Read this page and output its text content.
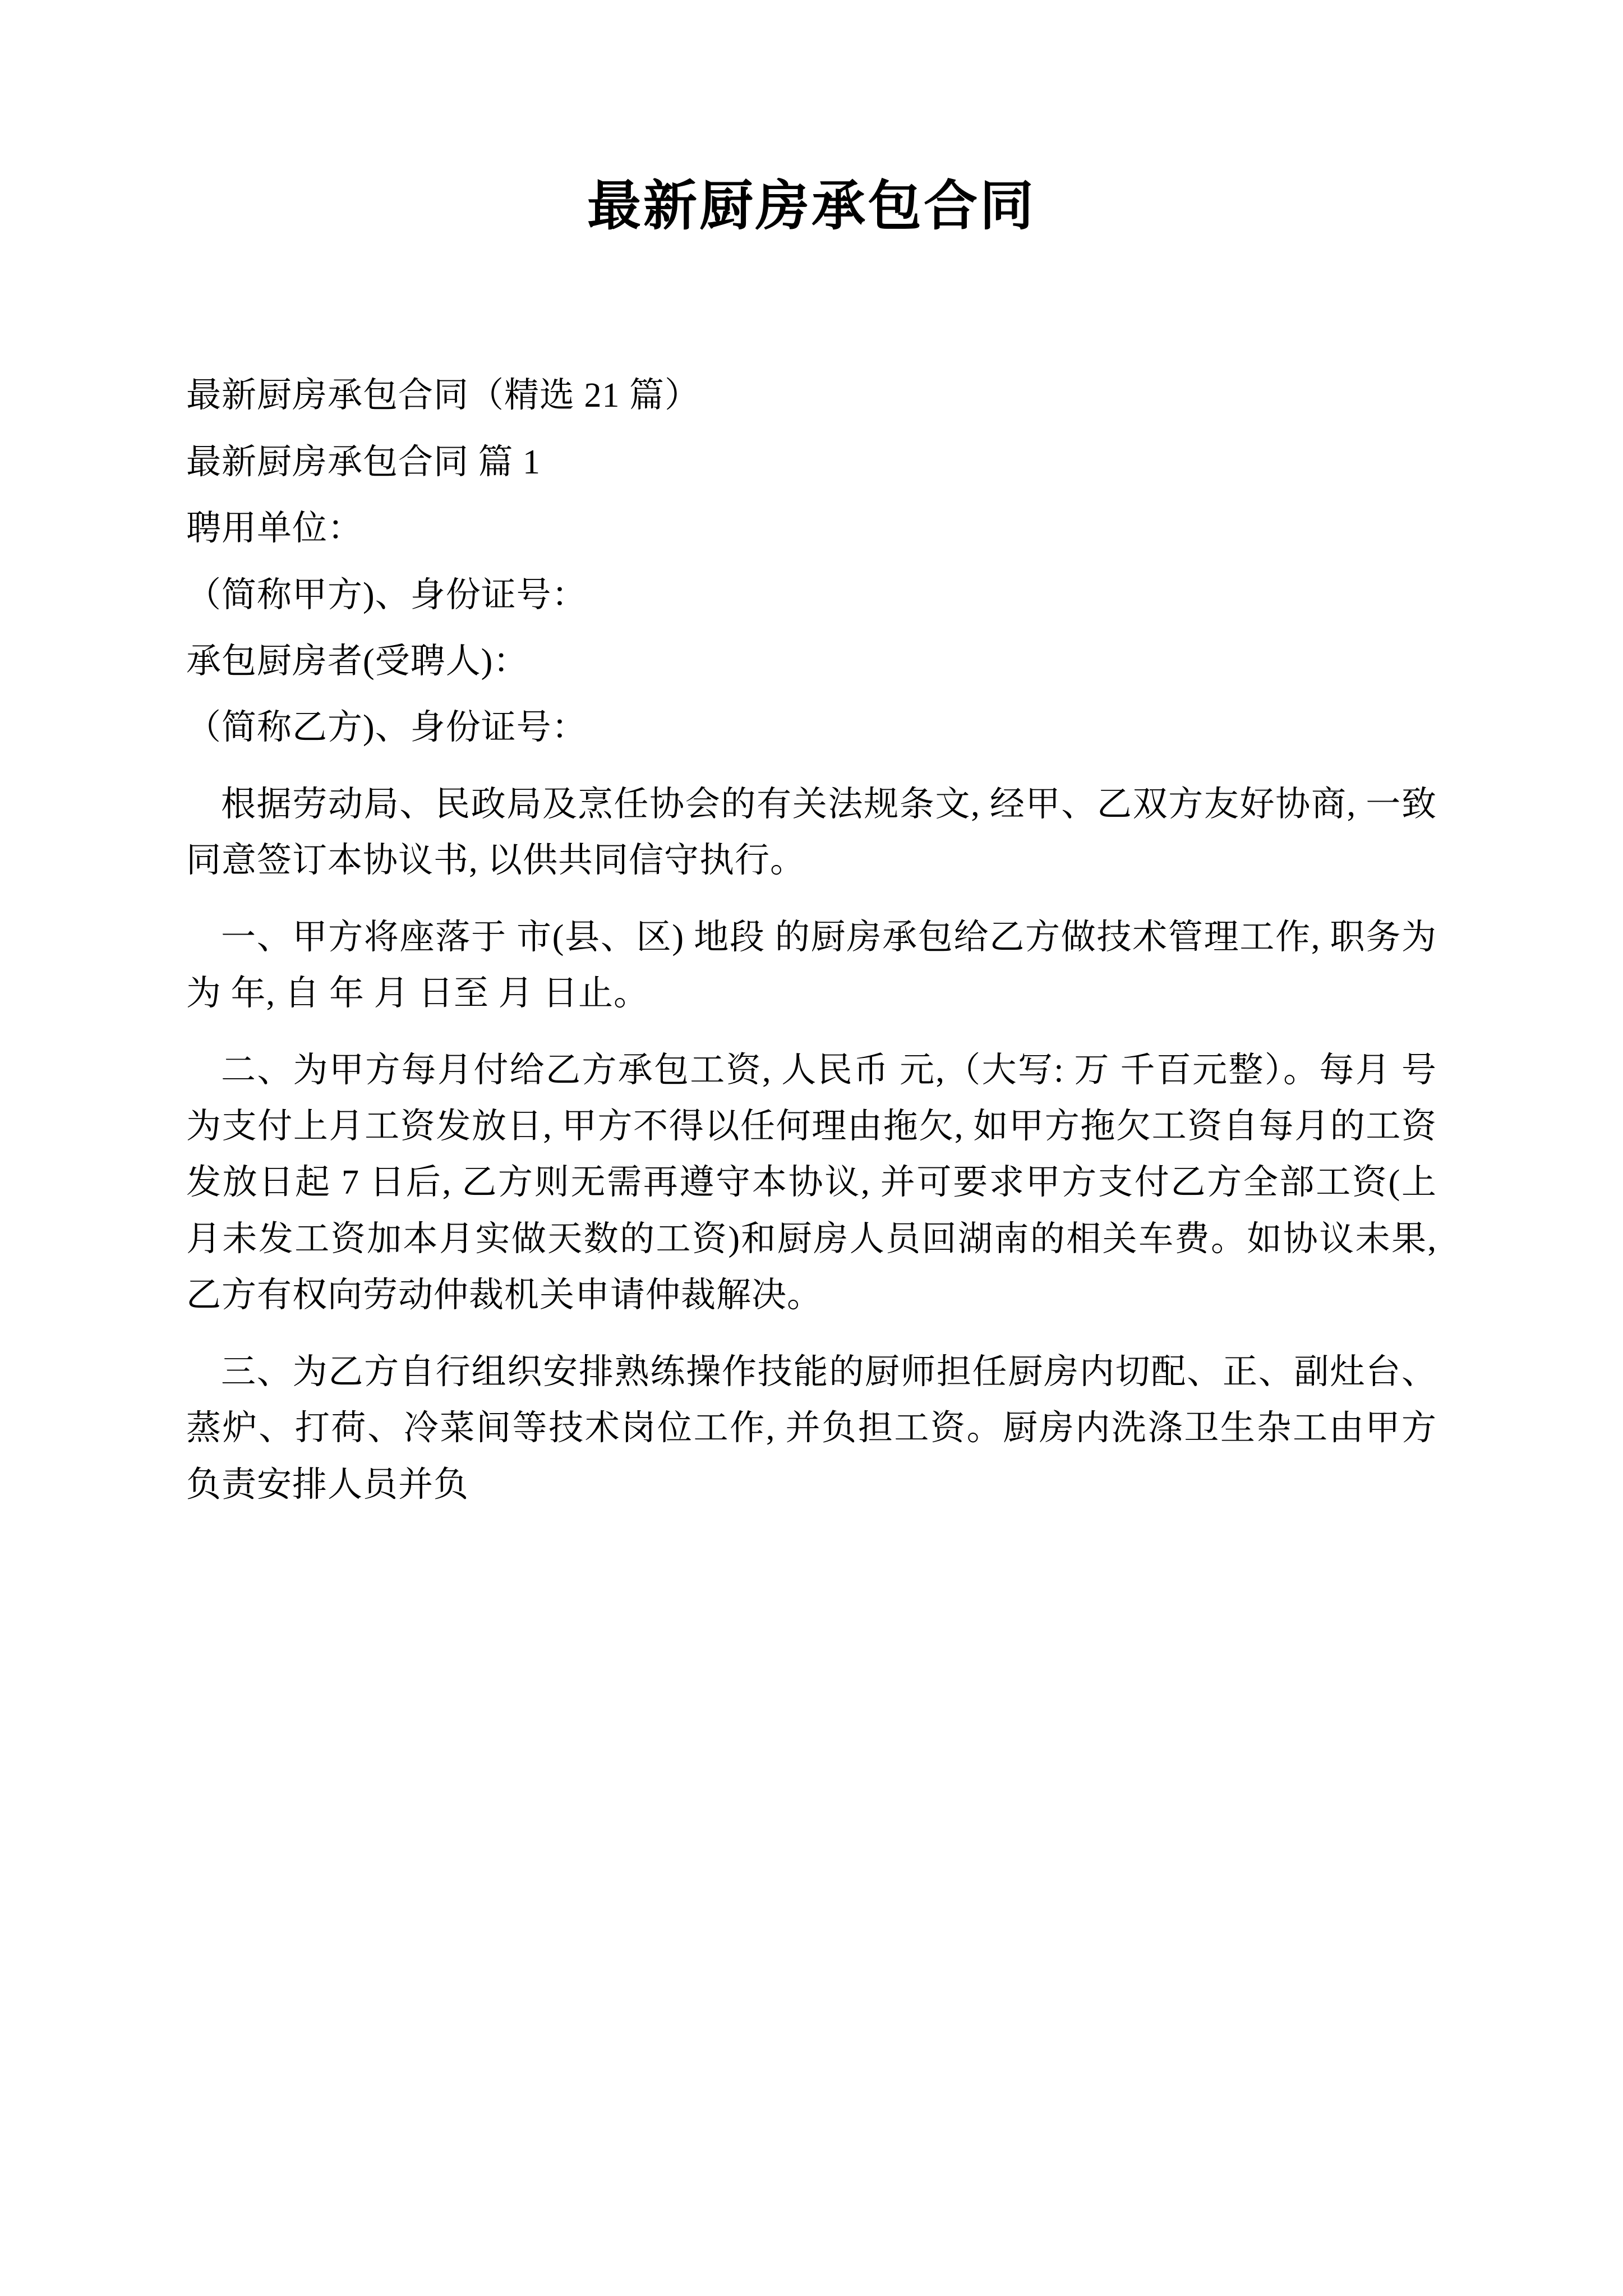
最新厨房承包合同

最新厨房承包合同（精选 21 篇）

最新厨房承包合同 篇 1

聘用单位：

（简称甲方)、身份证号：

承包厨房者(受聘人)：

（简称乙方)、身份证号：

根据劳动局、民政局及烹任协会的有关法规条文, 经甲、乙双方友好协商, 一致同意签订本协议书, 以供共同信守执行。

一、甲方将座落于 市(县、区) 地段 的厨房承包给乙方做技术管理工作, 职务为 为 年, 自 年 月 日至 月 日止。

二、为甲方每月付给乙方承包工资, 人民币 元,（大写: 万 千百元整）。每月 号为支付上月工资发放日, 甲方不得以任何理由拖欠, 如甲方拖欠工资自每月的工资发放日起 7 日后, 乙方则无需再遵守本协议, 并可要求甲方支付乙方全部工资(上月未发工资加本月实做天数的工资)和厨房人员回湖南的相关车费。如协议未果, 乙方有权向劳动仲裁机关申请仲裁解决。

三、为乙方自行组织安排熟练操作技能的厨师担任厨房内切配、正、副灶台、蒸炉、打荷、冷菜间等技术岗位工作, 并负担工资。厨房内洗涤卫生杂工由甲方负责安排人员并负
